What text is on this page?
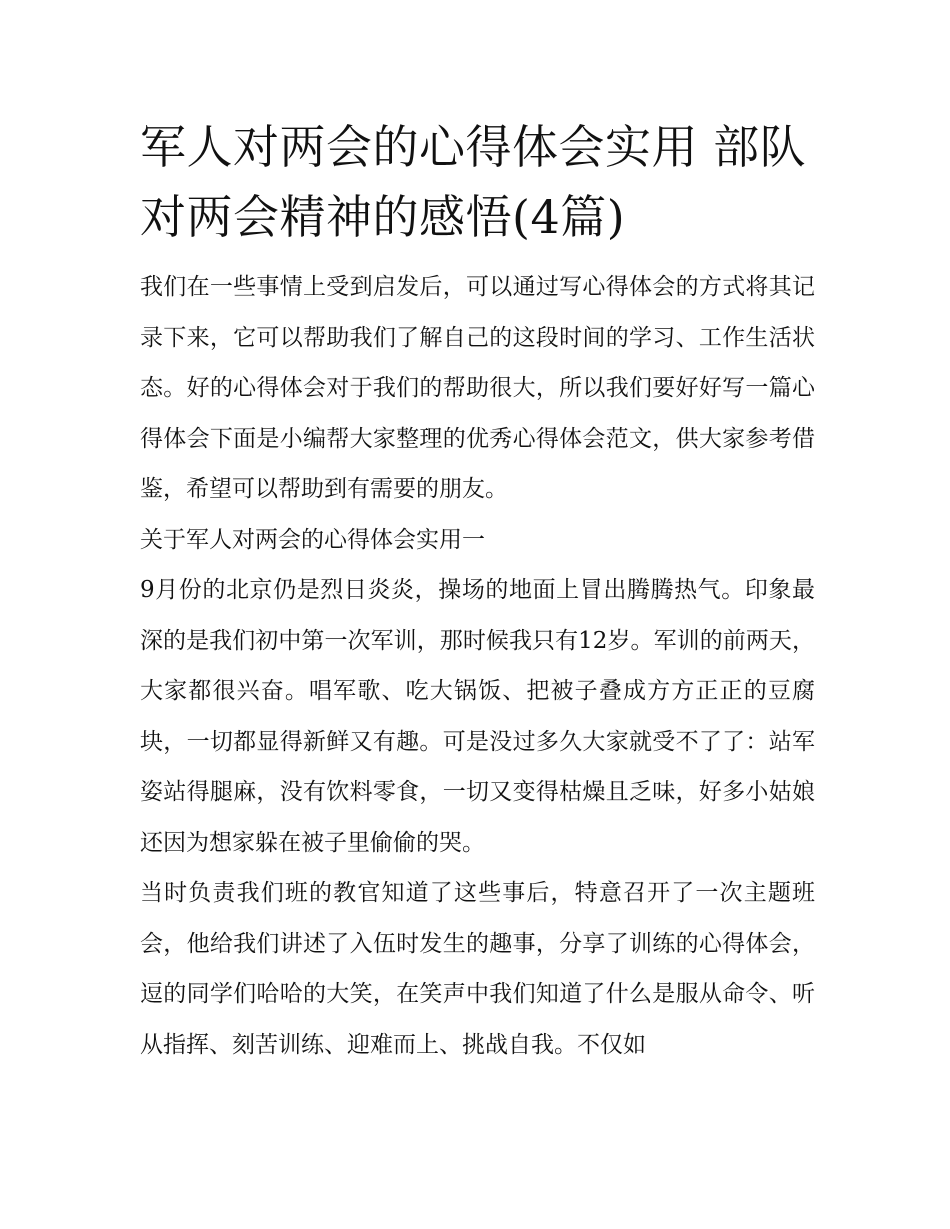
军人对两会的心得体会实用 部队对两会精神的感悟(4篇)

我们在一些事情上受到启发后，可以通过写心得体会的方式将其记录下来，它可以帮助我们了解自己的这段时间的学习、工作生活状态。好的心得体会对于我们的帮助很大，所以我们要好好写一篇心得体会下面是小编帮大家整理的优秀心得体会范文，供大家参考借鉴，希望可以帮助到有需要的朋友。

关于军人对两会的心得体会实用一

9月份的北京仍是烈日炎炎，操场的地面上冒出腾腾热气。印象最深的是我们初中第一次军训，那时候我只有12岁。军训的前两天，大家都很兴奋。唱军歌、吃大锅饭、把被子叠成方方正正的豆腐块，一切都显得新鲜又有趣。可是没过多久大家就受不了了：站军姿站得腿麻，没有饮料零食，一切又变得枯燥且乏味，好多小姑娘还因为想家躲在被子里偷偷的哭。

当时负责我们班的教官知道了这些事后，特意召开了一次主题班会，他给我们讲述了入伍时发生的趣事，分享了训练的心得体会，逗的同学们哈哈的大笑，在笑声中我们知道了什么是服从命令、听从指挥、刻苦训练、迎难而上、挑战自我。不仅如
